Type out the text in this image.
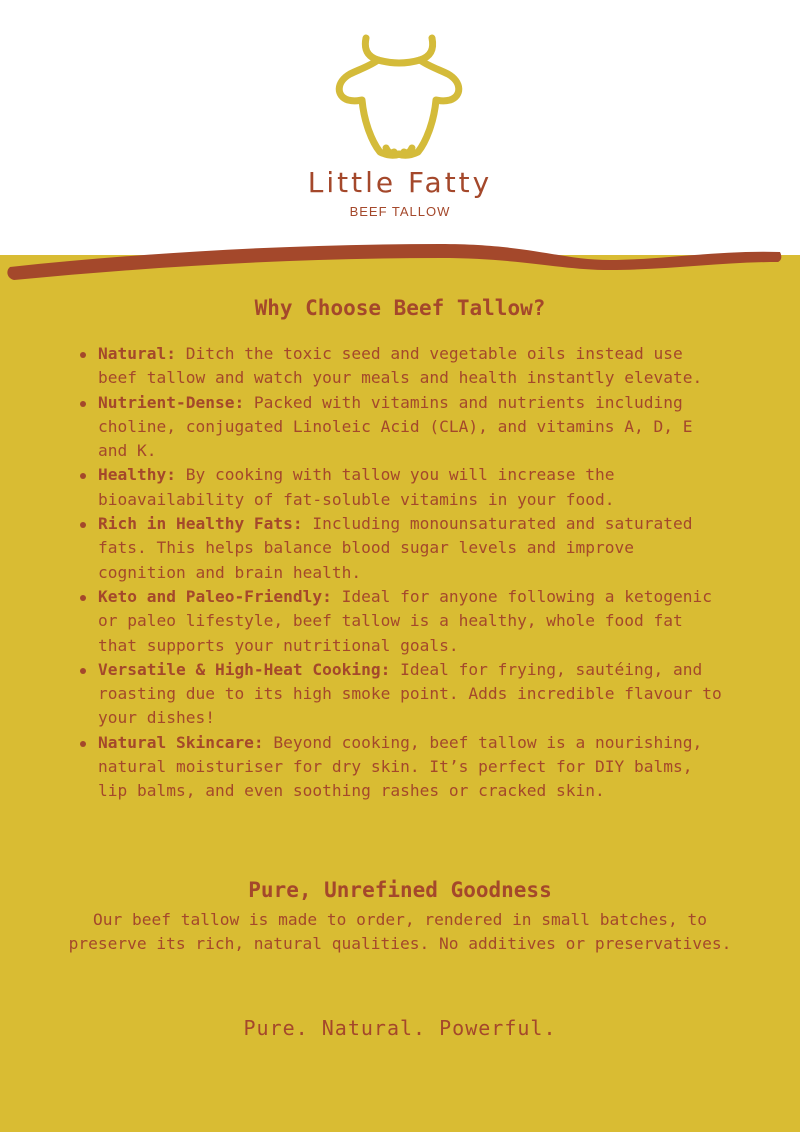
Little Fatty
BEEF TALLOW
Why Choose Beef Tallow?
Natural: Ditch the toxic seed and vegetable oils instead use beef tallow and watch your meals and health instantly elevate.
Nutrient-Dense: Packed with vitamins and nutrients including choline, conjugated Linoleic Acid (CLA), and vitamins A, D, E and K.
Healthy: By cooking with tallow you will increase the bioavailability of fat-soluble vitamins in your food.
Rich in Healthy Fats: Including monounsaturated and saturated fats. This helps balance blood sugar levels and improve cognition and brain health.
Keto and Paleo-Friendly: Ideal for anyone following a ketogenic or paleo lifestyle, beef tallow is a healthy, whole food fat that supports your nutritional goals.
Versatile & High-Heat Cooking: Ideal for frying, sautéing, and roasting due to its high smoke point. Adds incredible flavour to your dishes!
Natural Skincare: Beyond cooking, beef tallow is a nourishing, natural moisturiser for dry skin. It’s perfect for DIY balms, lip balms, and even soothing rashes or cracked skin.
Pure, Unrefined Goodness
Our beef tallow is made to order, rendered in small batches, to preserve its rich, natural qualities. No additives or preservatives.
Pure. Natural. Powerful.
